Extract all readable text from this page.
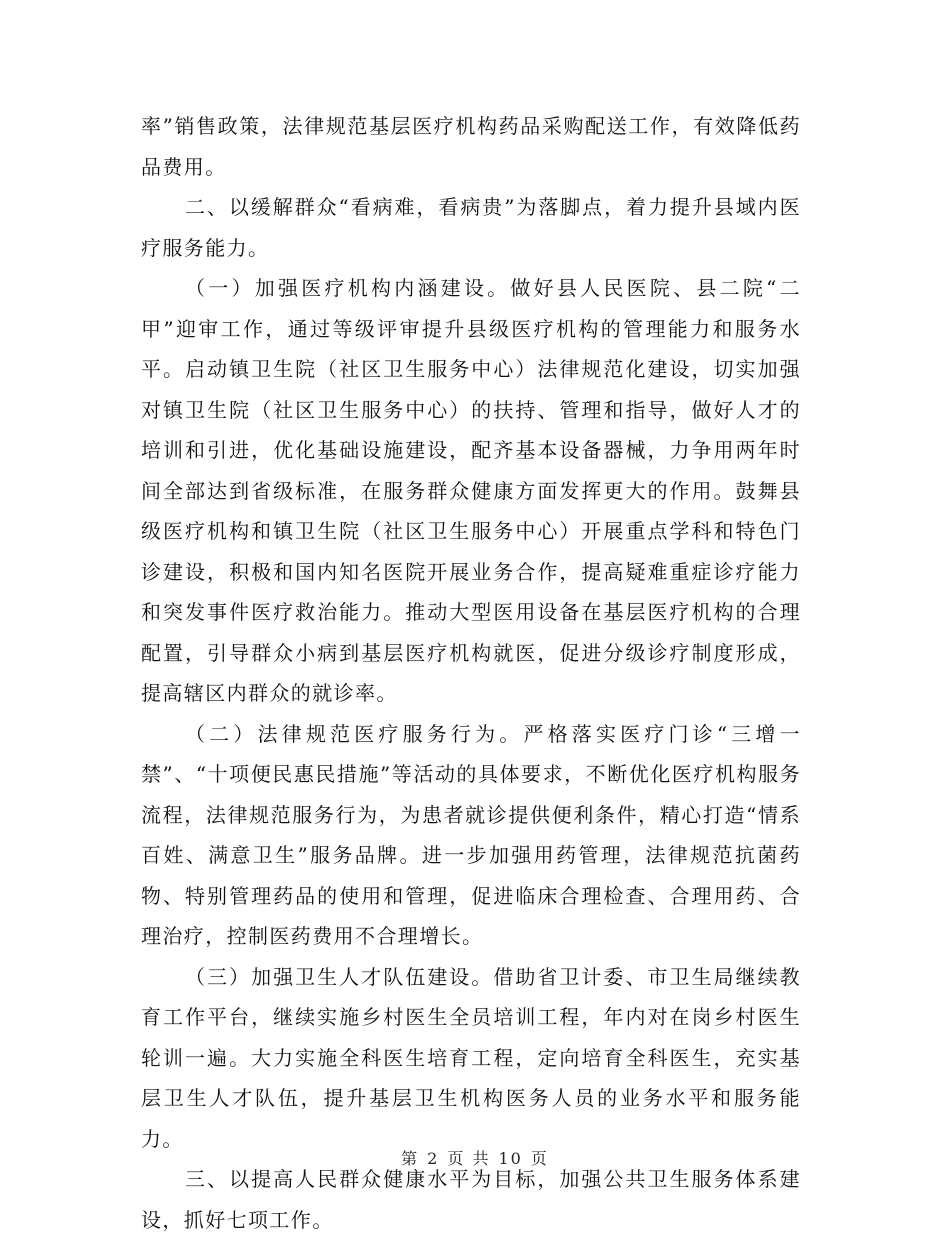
率”销售政策，法律规范基层医疗机构药品采购配送工作，有效降低药品费用。

二、以缓解群众“看病难，看病贵”为落脚点，着力提升县域内医疗服务能力。

（一）加强医疗机构内涵建设。做好县人民医院、县二院“二甲”迎审工作，通过等级评审提升县级医疗机构的管理能力和服务水平。启动镇卫生院（社区卫生服务中心）法律规范化建设，切实加强对镇卫生院（社区卫生服务中心）的扶持、管理和指导，做好人才的培训和引进，优化基础设施建设，配齐基本设备器械，力争用两年时间全部达到省级标准，在服务群众健康方面发挥更大的作用。鼓舞县级医疗机构和镇卫生院（社区卫生服务中心）开展重点学科和特色门诊建设，积极和国内知名医院开展业务合作，提高疑难重症诊疗能力和突发事件医疗救治能力。推动大型医用设备在基层医疗机构的合理配置，引导群众小病到基层医疗机构就医，促进分级诊疗制度形成，提高辖区内群众的就诊率。

（二）法律规范医疗服务行为。严格落实医疗门诊“三增一禁”、“十项便民惠民措施”等活动的具体要求，不断优化医疗机构服务流程，法律规范服务行为，为患者就诊提供便利条件，精心打造“情系百姓、满意卫生”服务品牌。进一步加强用药管理，法律规范抗菌药物、特别管理药品的使用和管理，促进临床合理检查、合理用药、合理治疗，控制医药费用不合理增长。

（三）加强卫生人才队伍建设。借助省卫计委、市卫生局继续教育工作平台，继续实施乡村医生全员培训工程，年内对在岗乡村医生轮训一遍。大力实施全科医生培育工程，定向培育全科医生，充实基层卫生人才队伍，提升基层卫生机构医务人员的业务水平和服务能力。

三、以提高人民群众健康水平为目标，加强公共卫生服务体系建设，抓好七项工作。

第 2 页 共 10 页
